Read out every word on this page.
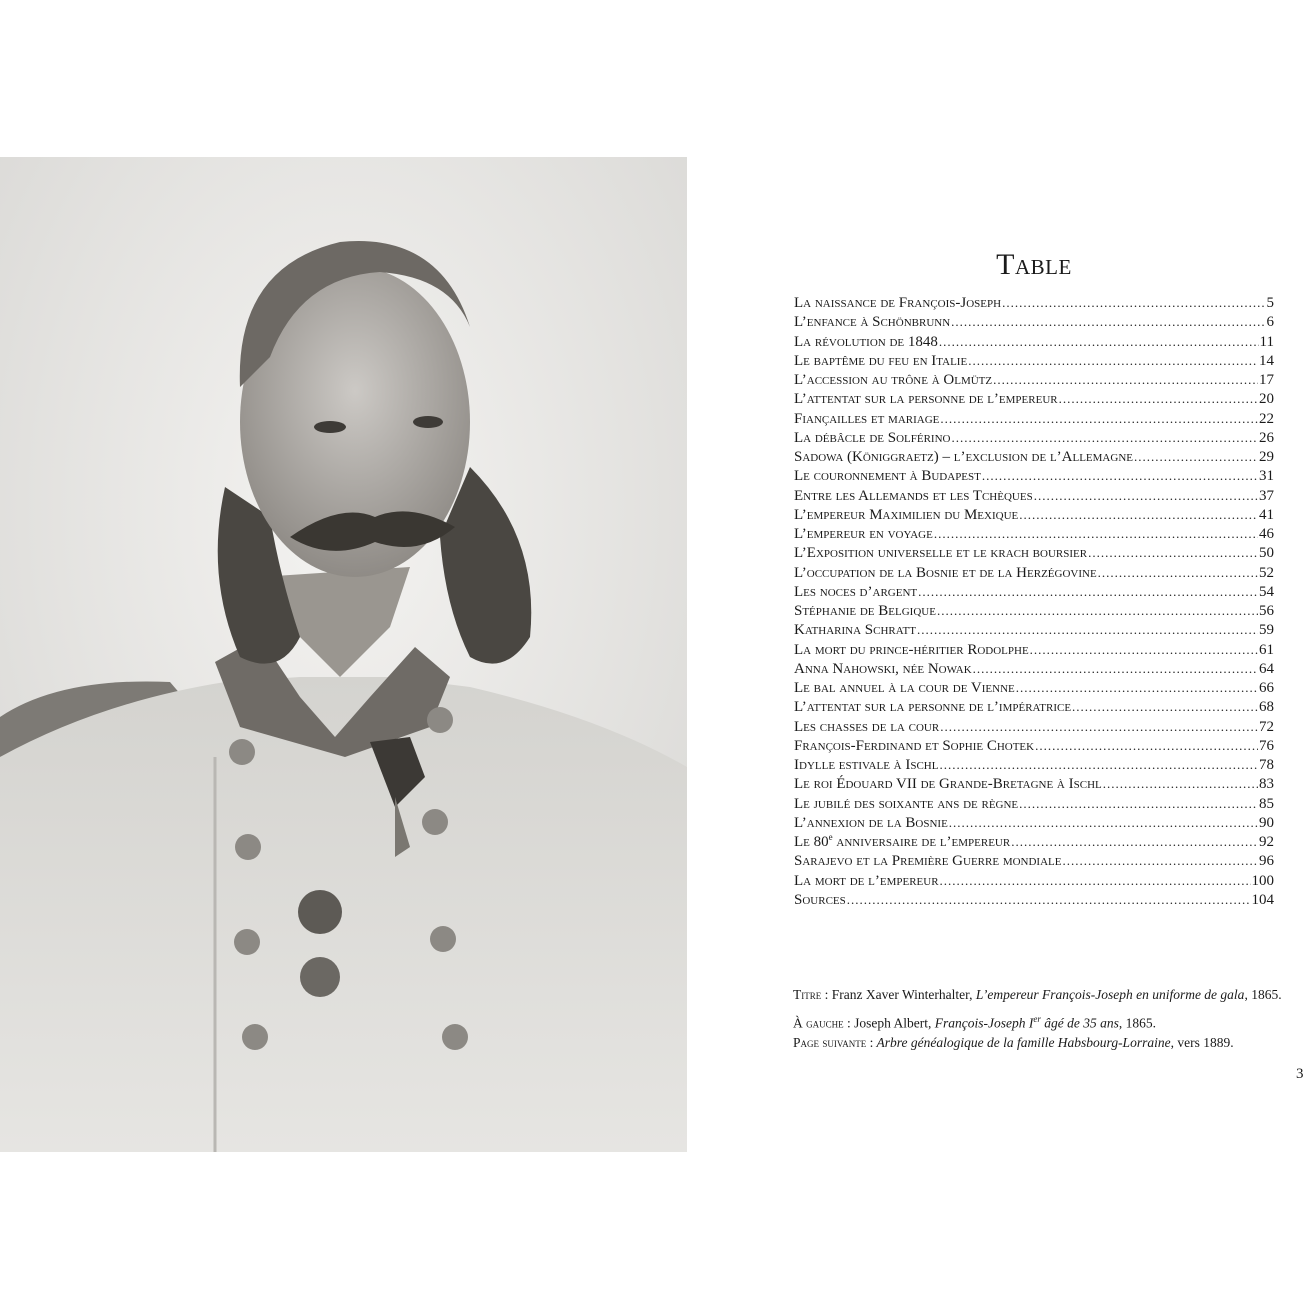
Table
La naissance de François-Joseph .....	5
L’enfance à Schönbrunn .....	6
La révolution de 1848 .....	11
Le baptême du feu en Italie .....	14
L’accession au trône à Olmütz .....	17
L’attentat sur la personne de l’empereur .....	20
Fiançailles et mariage .....	22
La débâcle de Solférino .....	26
Sadowa (Königgraetz) – l’exclusion de l’Allemagne .....	29
Le couronnement à Budapest .....	31
Entre les Allemands et les Tchèques .....	37
L’empereur Maximilien du Mexique .....	41
L’empereur en voyage .....	46
L’Exposition universelle et le krach boursier .....	50
L’occupation de la Bosnie et de la Herzégovine .....	52
Les noces d’argent .....	54
Stéphanie de Belgique .....	56
Katharina Schratt .....	59
La mort du prince-héritier Rodolphe .....	61
Anna Nahowski, née Nowak .....	64
Le bal annuel à la cour de Vienne .....	66
L’attentat sur la personne de l’impératrice .....	68
Les chasses de la cour .....	72
François-Ferdinand et Sophie Chotek .....	76
Idylle estivale à Ischl .....	78
Le roi Édouard VII de Grande-Bretagne à Ischl .....	83
Le jubilé des soixante ans de règne .....	85
L’annexion de la Bosnie .....	90
Le 80e anniversaire de l’empereur .....	92
Sarajevo et la Première Guerre mondiale .....	96
La mort de l’empereur .....	100
Sources .....	104
Titre : Franz Xaver Winterhalter, L’empereur François-Joseph en uniforme de gala, 1865.
À gauche : Joseph Albert, François-Joseph Ier âgé de 35 ans, 1865.
Page suivante : Arbre généalogique de la famille Habsbourg-Lorraine, vers 1889.
3
